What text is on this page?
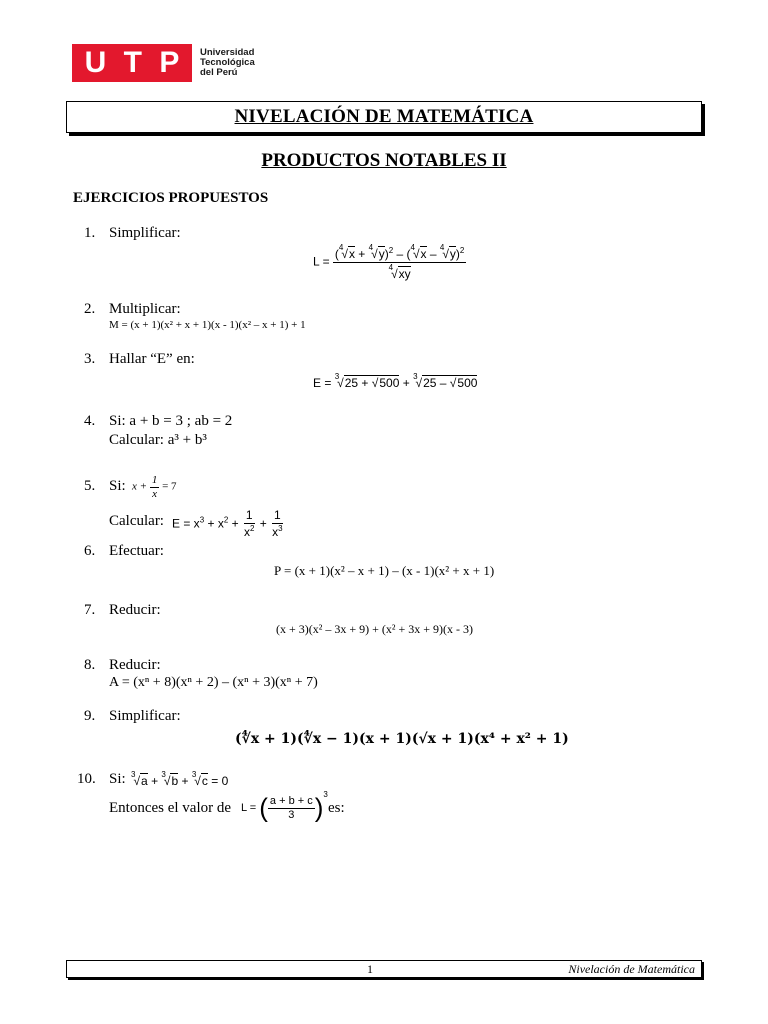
U T P Universidad
Tecnológica
del Perú
NIVELACIÓN DE MATEMÁTICA
PRODUCTOS NOTABLES II
EJERCICIOS PROPUESTOS
1. Simplificar:
$L = \frac{(^4√x + ^4√y)^2 - (^4√x - ^4√y)^2}{^4√xy}$
2. Multiplicar:
M = (x + 1)(x² + x + 1)(x - 1)(x² – x + 1) + 1
3. Hallar “E” en:
E = $^3$√25 + √500 + $^3$√25 – √500
4. Si: a + b = 3 ; ab = 2
Calcular: a³ + b³
5. Si: $x + \frac{1}{x} = 7$
Calcular: $E = x^3 + x^2 + \frac{1}{x^2} + \frac{1}{x^3}$
6. Efectuar:
P = (x + 1)(x² – x + 1) – (x - 1)(x² + x + 1)
7. Reducir:
(x + 3)(x² – 3x + 9) + (x² + 3x + 9)(x - 3)
8. Reducir:
A = (xⁿ + 8)(xⁿ + 2) – (xⁿ + 3)(xⁿ + 7)
9. Simplificar:
(∜x + 1)(∜x − 1)(x + 1)(√x + 1)(x⁴ + x² + 1)
10. Si: $^3$√a + $^3$√b + $^3$√c = 0
Entonces el valor de L = ( $\frac{a + b + c}{3} )^3$
es:
1	Nivelación de Matemática
